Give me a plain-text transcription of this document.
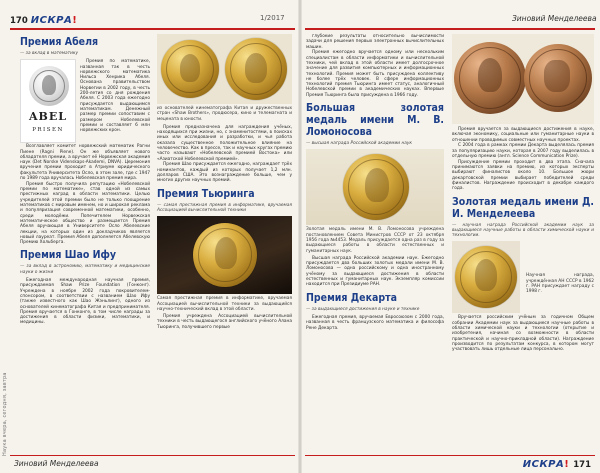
170 ИСКРА!	1/2017
Наука вчера, сегодня, завтра
Премия Абеля
— за вклад в математику
ABEL
PRISEN

Премия по математике, названная так в честь норвежского математика Нильса Хенрика Абеля. Основана правительством Норвегии в 2002 году, в честь 200-летия со дня рождения Абеля. С 2003 года ежегодно присуждается выдающимся математикам. Денежный размер премии сопоставим с размером Нобелевской премии и составляет 6 млн норвежских крон.

Возглавляет комитет норвежский математик Рагни Пиене (Ragni Piene). Он же объявляет нового обладателя премии, а вручает её Норвежская академия наук (Det Norske Videnskaps-Akademi, DNVA). Церемония вручения премии проходит в Aтриуме юридического факультета Университета Осло, в этом зале, где с 1947 по 1989 года вручалась Нобелевская премия мира.

Премия быстро получила репутацию «Нобелевской премии по математике», став одной из самых престижных наград в области математики. Целью учредителей этой премии было не только поощрение математиков с мировым именем, но и широкая реклама и популяризация современной математики, особенно, среди молодёжи. Попечителем Норвежская математическое общество и размещается Премия Абеля вручающая в Университете Осло Абелевские лекции, на которых один из докладчиков является новый лауреат. Премия Абеля дополняется Абелевскую Премию Хольберга.

Премия Шао Ифу
— за вклад в астрономию, математику и медицинские науки о жизни

Ежегодная международная научная премия, присуждаемая Shaw Prize Foundation (Гонконг). Учреждена в ноябре 2002 года покровителем-спонсором, в соответствии с названием Шао Ифу (также известного как Шао Жэньлинг), одного из основателей кинематографа Китая и предпринимателя. Премия вручается в Гонконге, в том числе награды за достижения в области физики, математики, и медицины.

из основателей кинематографа Китая и дружественных стран «Shaw Brothers», продюсера, кино и телемагната и мецената в юности.

Премия предназначена для награждения учёных, находящихся при жизни, но, с знаменитостями, в поисках иных или исследования и разработки, и чья работа оказала существенное положительное влияние на человечество. Как в прессе, так и научных кругах премию часто называют «Нобелевской премией Востока» или «Азиатской Нобелевской премией».

Премия Шао присуждается ежегодно, награждает трёх номинантов, каждый из которых получает 1,2 млн. долларов США. Это вознаграждение больше, чем у многих других научных премий.

Премия Тьюринга
— самая престижная премия в информатике, вручаемая Ассоциацией вычислительной техники
Самая престижная премия в информатике, вручаемая Ассоциацией вычислительной техники за выдающийся научно-технический вклад в этой области.

Премия учреждена Ассоциацией вычислительной техники в честь выдающегося английского учёного Алана Тьюринга, получившего первые

Зиновий Менделеева
Зиновий Менделеева

глубокие результаты относительно вычислимости задачи для решения первых электронных вычислительных машин.

Премия ежегодно вручается одному или нескольким специалистам в области информатики и вычислительной техники, чей вклад в этой области имеет долгосрочное значение для развития компьютерных и информационных технологий. Премия может быть присуждена коллективу не более трёх человек. В сфере информационных технологий премия Тьюринга имеет статус, аналогичный Нобелевской премии в академических науках. Впервые Премия Тьюринга была присуждена в 1966 году.

Большая золотая медаль имени М. В. Ломоносова
— высшая награда Российской академии наук
Золотая медаль имени М. В. Ломоносова учреждена постановлением Совета Министров СССР от 23 октября 1956 года №4453. Медаль присуждается одна раз в году за выдающиеся работы в области естественных и гуманитарных наук.

Высшая награда Российской академии наук. Ежегодно присуждается два больших золотых медали имени М. В. Ломоносова — одна российскому и одна иностранному учёному за выдающиеся достижения в области естественных и гуманитарных наук. Экземпляр комиссии находится при Президиуме РАН.

Премия Декарта
— за выдающиеся достижения в науке и технике

Ежегодная премия, вручаемая Евросоюзом с 2000 года, названная в честь французского математика и философа Рене Декарта.

Премия вручается за выдающиеся достижения в науке, включая экономику, социальные или гуманитарные науки в отношении проводимых совместных научных проектах.

С 2004 года в рамках премии Декарта выделялась премия за популяризацию науки, которая в 2007 году выделилась в отдельную премию (англ. Science Communication Prize).

Присуждение премии проходит в два этапа. Сначала принимаются заявки на премию, из которых эксперты выбирают финалистов около 10. Большое жюри декартовской премии выбирает победителей среди финалистов. Награждение происходит в декабре каждого года.

Золотая медаль имени Д. И. Менделеева
— научная награда Российской академии наук за выдающиеся научные работы в области химической науки и технологии.
Научная награда, учреждённая АН СССР в 1962 г. РАН присуждает награду с 1998 г.

Вручается российским учёным за годичном Общем собрании Академии наук за выдающиеся научные работы в области химической науки и технологии (открытие и изобретения, начиная со возможности в области практической и научно-прикладной области). Награждение производится по результатам конкурса, в котором могут участвовать лишь отдельные лица персонально.

ИСКРА! 171
